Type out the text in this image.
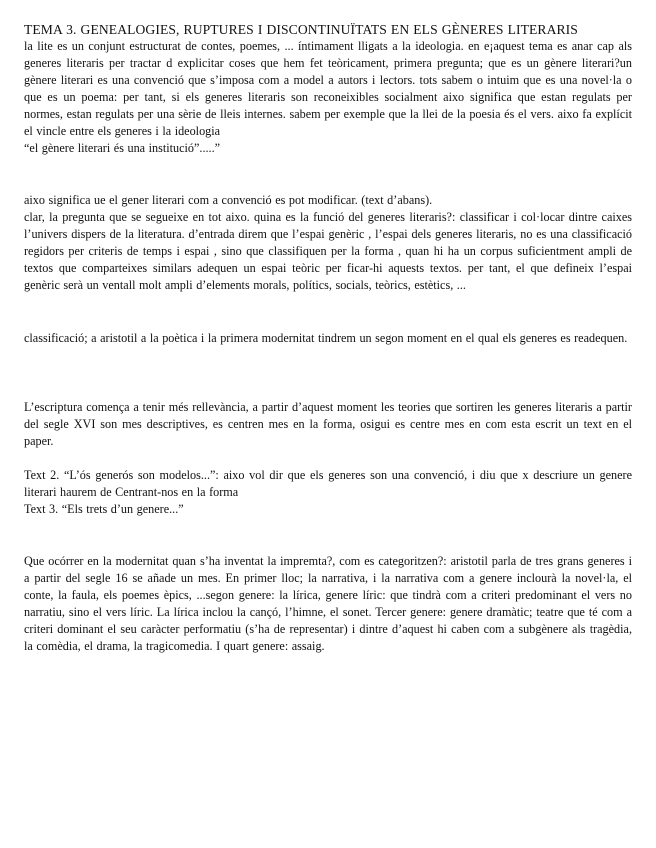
TEMA 3. GENEALOGIES, RUPTURES I DISCONTINUÏTATS EN ELS GÈNERES LITERARIS
la lite es un conjunt estructurat de contes, poemes, ... íntimament lligats a la ideologia. en e¡aquest tema es anar cap als generes literaris per tractar d explicitar coses que hem fet teòricament, primera pregunta; que es un gènere literari?un gènere literari es una convenció que s’imposa com a model a autors i lectors. tots sabem o intuim que es una novel·la o que es un poema: per tant, si els generes literaris son reconeixibles socialment aixo significa que estan regulats per normes, estan regulats per una sèrie de lleis internes. sabem per exemple que la llei de la poesia és el vers. aixo fa explícit el vincle entre els generes i la ideologia
“el gènere literari és una institució”.....”
aixo significa ue el gener literari com a convenció es pot modificar. (text d’abans).
clar, la pregunta que se segueixe en tot aixo. quina es la funció del generes literaris?: classificar i col·locar dintre caixes l’univers dispers de la literatura. d’entrada direm que l’espai genèric , l’espai dels generes literaris, no es una classificació regidors per criteris de temps i espai , sino que classifiquen per la forma , quan hi ha un corpus suficientment ampli de textos que comparteixes similars adequen un espai teòric per ficar-hi aquests textos. per tant, el que defineix l’espai genèric serà un ventall molt ampli d’elements morals, polítics, socials, teòrics, estètics, ...
classificació; a aristotil a la poètica i la primera modernitat tindrem un segon moment en el qual els generes es readequen.
L’escriptura comença a tenir més rellevància, a partir d’aquest moment les teories que sortiren les generes literaris a partir del segle XVI son mes descriptives, es centren mes en la forma, osigui es centre mes en com esta escrit un text en el paper.
Text 2. “L’ós generós son modelos...”: aixo vol dir que els generes son una convenció, i diu que x descriure un genere literari haurem de Centrant-nos en la forma
Text 3. “Els trets d’un genere...”
Que ocórrer en la modernitat quan s’ha inventat la impremta?, com es categoritzen?: aristotil parla de tres grans generes i a partir del segle 16 se añade un mes. En primer lloc; la narrativa, i la narrativa com a genere inclourà la novel·la, el conte, la faula, els poemes èpics, ...segon genere: la lírica, genere líric: que tindrà com a criteri predominant el vers no narratiu, sino el vers líric. La lírica inclou la cançó, l’himne, el sonet. Tercer genere: genere dramàtic; teatre que té com a criteri dominant el seu caràcter performatiu (s’ha de representar) i dintre d’aquest hi caben com a subgènere als tragèdia, la comèdia, el drama, la tragicomedia. I quart genere: assaig.
